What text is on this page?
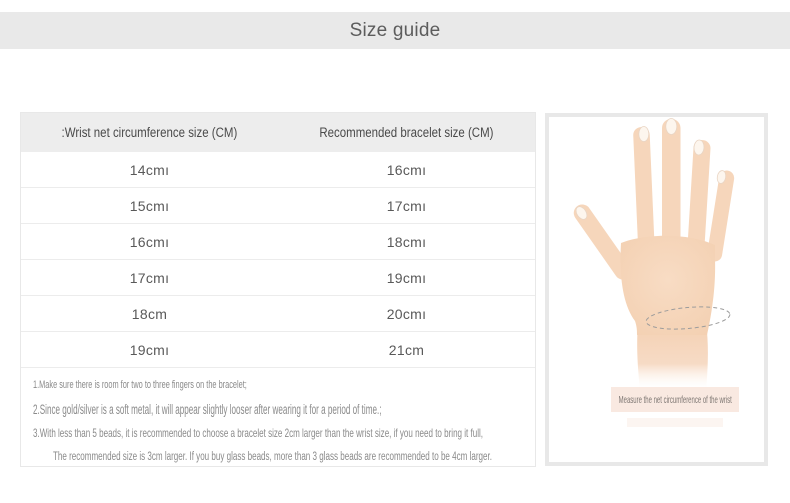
Size guide
:Wrist net circumference size (CM)	Recommended bracelet size (CM)
14cmı	16cmı
15cmı	17cmı
16cmı	18cmı
17cmı	19cmı
18cm	20cmı
19cmı	21cm
1.Make sure there is room for two to three fingers on the bracelet;
2.Since gold/silver is a soft metal, it will appear slightly looser after wearing it for a period of time.;
3.With less than 5 beads, it is recommended to choose a bracelet size 2cm larger than the wrist size, if you need to bring it full,
The recommended size is 3cm larger. If you buy glass beads, more than 3 glass beads are recommended to be 4cm larger.
Measure the net circumference of the wrist
